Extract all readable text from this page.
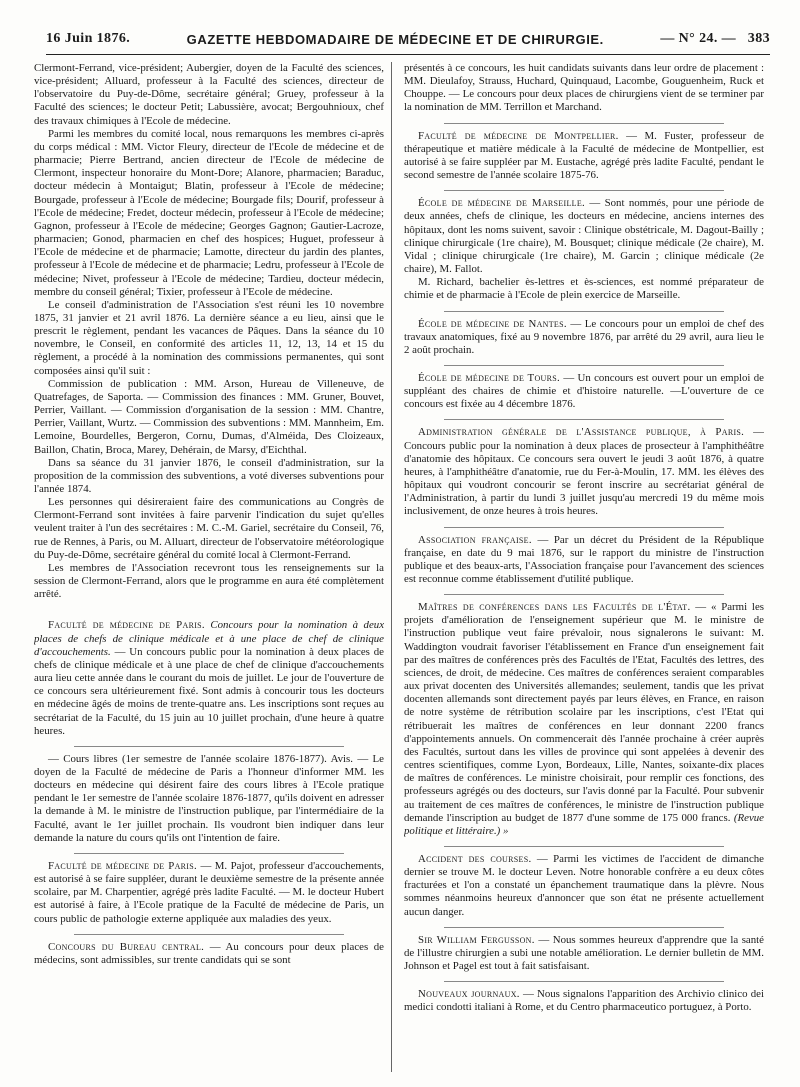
16 Juin 1876.	GAZETTE HEBDOMADAIRE DE MÉDECINE ET DE CHIRURGIE.	— N° 24. — 383

Clermont-Ferrand, vice-président; Aubergier, doyen de la Faculté des sciences, vice-président; Alluard, professeur à la Faculté des sciences, directeur de l'observatoire du Puy-de-Dôme, secrétaire général; Gruey, professeur à la Faculté des sciences; le docteur Petit; Labussière, avocat; Bergouhnioux, chef des travaux chimiques à l'Ecole de médecine.

Parmi les membres du comité local, nous remarquons les membres ci-après du corps médical : MM. Victor Fleury, directeur de l'Ecole de médecine et de pharmacie; Pierre Bertrand, ancien directeur de l'Ecole de médecine de Clermont, inspecteur honoraire du Mont-Dore; Alanore, pharmacien; Baraduc, docteur médecin à Montaigut; Blatin, professeur à l'Ecole de médecine; Bourgade, professeur à l'Ecole de médecine; Bourgade fils; Dourif, professeur à l'Ecole de médecine; Fredet, docteur médecin, professeur à l'Ecole de médecine; Gagnon, professeur à l'Ecole de médecine; Georges Gagnon; Gautier-Lacroze, pharmacien; Gonod, pharmacien en chef des hospices; Huguet, professeur à l'Ecole de médecine et de pharmacie; Lamotte, directeur du jardin des plantes, professeur à l'Ecole de médecine et de pharmacie; Ledru, professeur à l'Ecole de médecine; Nivet, professeur à l'Ecole de médecine; Tardieu, docteur médecin, membre du conseil général; Tixier, professeur à l'Ecole de médecine.

Le conseil d'administration de l'Association s'est réuni les 10 novembre 1875, 31 janvier et 21 avril 1876. La dernière séance a eu lieu, ainsi que le prescrit le règlement, pendant les vacances de Pâques. Dans la séance du 10 novembre, le Conseil, en conformité des articles 11, 12, 13, 14 et 15 du règlement, a procédé à la nomination des commissions permanentes, qui sont composées ainsi qu'il suit :

Commission de publication : MM. Arson, Hureau de Villeneuve, de Quatrefages, de Saporta. — Commission des finances : MM. Gruner, Bouvet, Perrier, Vaillant. — Commission d'organisation de la session : MM. Chantre, Perrier, Vaillant, Wurtz. — Commission des subventions : MM. Mannheim, Em. Lemoine, Bourdelles, Bergeron, Cornu, Dumas, d'Alméida, Des Cloizeaux, Baillon, Chatin, Broca, Marey, Dehérain, de Marsy, d'Eichthal.

Dans sa séance du 31 janvier 1876, le conseil d'administration, sur la proposition de la commission des subventions, a voté diverses subventions pour l'année 1874.

Les personnes qui désireraient faire des communications au Congrès de Clermont-Ferrand sont invitées à faire parvenir l'indication du sujet qu'elles veulent traiter à l'un des secrétaires : M. C.-M. Gariel, secrétaire du Conseil, 76, rue de Rennes, à Paris, ou M. Alluart, directeur de l'observatoire météorologique du Puy-de-Dôme, secrétaire général du comité local à Clermont-Ferrand.

Les membres de l'Association recevront tous les renseignements sur la session de Clermont-Ferrand, alors que le programme en aura été complètement arrêté.

Faculté de médecine de Paris. Concours pour la nomination à deux places de chefs de clinique médicale et à une place de chef de clinique d'accouchements. — Un concours public pour la nomination à deux places de chefs de clinique médicale et à une place de chef de clinique d'accouchements aura lieu cette année dans le courant du mois de juillet. Le jour de l'ouverture de ce concours sera ultérieurement fixé. Sont admis à concourir tous les docteurs en médecine âgés de moins de trente-quatre ans. Les inscriptions sont reçues au secrétariat de la Faculté, du 15 juin au 10 juillet prochain, d'une heure à quatre heures.

— Cours libres (1er semestre de l'année scolaire 1876-1877). Avis. — Le doyen de la Faculté de médecine de Paris a l'honneur d'informer MM. les docteurs en médecine qui désirent faire des cours libres à l'Ecole pratique pendant le 1er semestre de l'année scolaire 1876-1877, qu'ils doivent en adresser la demande à M. le ministre de l'instruction publique, par l'intermédiaire de la Faculté, avant le 1er juillet prochain. Ils voudront bien indiquer dans leur demande la nature du cours qu'ils ont l'intention de faire.

Faculté de médecine de Paris. — M. Pajot, professeur d'accouchements, est autorisé à se faire suppléer, durant le deuxième semestre de la présente année scolaire, par M. Charpentier, agrégé près ladite Faculté. — M. le docteur Hubert est autorisé à faire, à l'Ecole pratique de la Faculté de médecine de Paris, un cours public de pathologie externe appliquée aux maladies des yeux.

Concours du Bureau central. — Au concours pour deux places de médecins, sont admissibles, sur trente candidats qui se sont

présentés à ce concours, les huit candidats suivants dans leur ordre de placement : MM. Dieulafoy, Strauss, Huchard, Quinquaud, Lacombe, Gouguenheim, Ruck et Chouppe. — Le concours pour deux places de chirurgiens vient de se terminer par la nomination de MM. Terrillon et Marchand.

Faculté de médecine de Montpellier. — M. Fuster, professeur de thérapeutique et matière médicale à la Faculté de médecine de Montpellier, est autorisé à se faire suppléer par M. Eustache, agrégé près ladite Faculté, pendant le second semestre de l'année scolaire 1875-76.

École de médecine de Marseille. — Sont nommés, pour une période de deux années, chefs de clinique, les docteurs en médecine, anciens internes des hôpitaux, dont les noms suivent, savoir : Clinique obstétricale, M. Dagout-Bailly ; clinique chirurgicale (1re chaire), M. Bousquet; clinique médicale (2e chaire), M. Vidal ; clinique chirurgicale (1re chaire), M. Garcin ; clinique médicale (2e chaire), M. Fallot.

M. Richard, bachelier ès-lettres et ès-sciences, est nommé préparateur de chimie et de pharmacie à l'Ecole de plein exercice de Marseille.

École de médecine de Nantes. — Le concours pour un emploi de chef des travaux anatomiques, fixé au 9 novembre 1876, par arrêté du 29 avril, aura lieu le 2 août prochain.

École de médecine de Tours. — Un concours est ouvert pour un emploi de suppléant des chaires de chimie et d'histoire naturelle. —L'ouverture de ce concours est fixée au 4 décembre 1876.

Administration générale de l'Assistance publique, à Paris. — Concours public pour la nomination à deux places de prosecteur à l'amphithéâtre d'anatomie des hôpitaux. Ce concours sera ouvert le jeudi 3 août 1876, à quatre heures, à l'amphithéâtre d'anatomie, rue du Fer-à-Moulin, 17. MM. les élèves des hôpitaux qui voudront concourir se feront inscrire au secrétariat général de l'Administration, à partir du lundi 3 juillet jusqu'au mercredi 19 du même mois inclusivement, de onze heures à trois heures.

Association française. — Par un décret du Président de la République française, en date du 9 mai 1876, sur le rapport du ministre de l'instruction publique et des beaux-arts, l'Association française pour l'avancement des sciences est reconnue comme établissement d'utilité publique.

Maîtres de conférences dans les Facultés de l'État. — « Parmi les projets d'amélioration de l'enseignement supérieur que M. le ministre de l'instruction publique veut faire prévaloir, nous signalerons le suivant: M. Waddington voudrait favoriser l'établissement en France d'un enseignement fait par des maîtres de conférences près des Facultés de l'Etat, Facultés des lettres, des sciences, de droit, de médecine. Ces maîtres de conférences seraient comparables aux privat docenten des Universités allemandes; seulement, tandis que les privat docenten allemands sont directement payés par leurs élèves, en France, en raison de notre système de rétribution scolaire par les inscriptions, c'est l'Etat qui rétribuerait les maîtres de conférences en leur donnant 2200 francs d'appointements annuels. On commencerait dès l'année prochaine à créer auprès des Facultés, surtout dans les villes de province qui sont appelées à devenir des centres scientifiques, comme Lyon, Bordeaux, Lille, Nantes, soixante-dix places de maîtres de conférences. Le ministre choisirait, pour remplir ces fonctions, des professeurs agrégés ou des docteurs, sur l'avis donné par la Faculté. Pour subvenir au traitement de ces maîtres de conférences, le ministre de l'instruction publique demande l'inscription au budget de 1877 d'une somme de 175 000 francs. (Revue politique et littéraire.) »

Accident des courses. — Parmi les victimes de l'accident de dimanche dernier se trouve M. le docteur Leven. Notre honorable confrère a eu deux côtes fracturées et l'on a constaté un épanchement traumatique dans la plèvre. Nous sommes néanmoins heureux d'annoncer que son état ne présente actuellement aucun danger.

Sir William Fergusson. — Nous sommes heureux d'apprendre que la santé de l'illustre chirurgien a subi une notable amélioration. Le dernier bulletin de MM. Johnson et Pagel est tout à fait satisfaisant.

Nouveaux journaux. — Nous signalons l'apparition des Archivio clinico dei medici condotti italiani à Rome, et du Centro pharmaceutico portuguez, à Porto.
